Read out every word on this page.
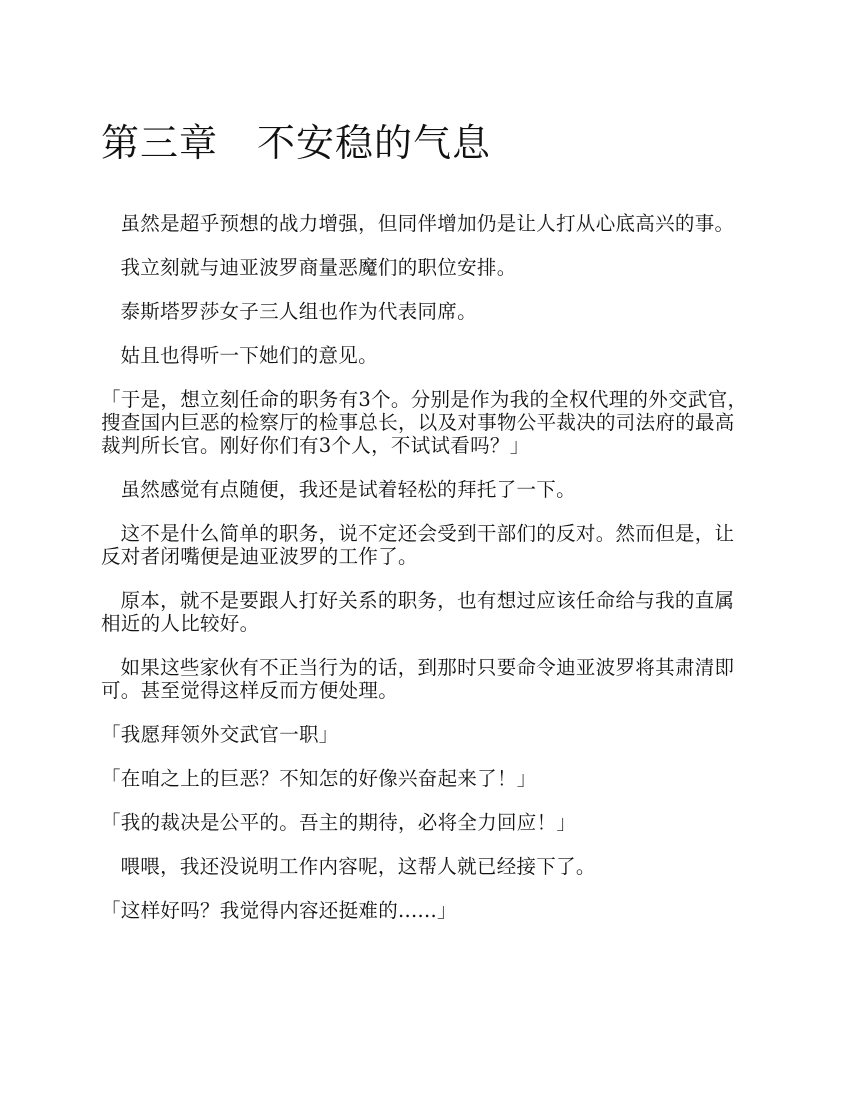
第三章　不安稳的气息

虽然是超乎预想的战力增强，但同伴增加仍是让人打从心底高兴的事。

我立刻就与迪亚波罗商量恶魔们的职位安排。

泰斯塔罗莎女子三人组也作为代表同席。

姑且也得听一下她们的意见。

「于是，想立刻任命的职务有3个。分别是作为我的全权代理的外交武官，搜查国内巨恶的检察厅的检事总长，以及对事物公平裁决的司法府的最高裁判所长官。刚好你们有3个人，不试试看吗？」

虽然感觉有点随便，我还是试着轻松的拜托了一下。

这不是什么简单的职务，说不定还会受到干部们的反对。然而但是，让反对者闭嘴便是迪亚波罗的工作了。

原本，就不是要跟人打好关系的职务，也有想过应该任命给与我的直属相近的人比较好。

如果这些家伙有不正当行为的话，到那时只要命令迪亚波罗将其肃清即可。甚至觉得这样反而方便处理。

「我愿拜领外交武官一职」

「在咱之上的巨恶？不知怎的好像兴奋起来了！」

「我的裁决是公平的。吾主的期待，必将全力回应！」

喂喂，我还没说明工作内容呢，这帮人就已经接下了。

「这样好吗？我觉得内容还挺难的......」
